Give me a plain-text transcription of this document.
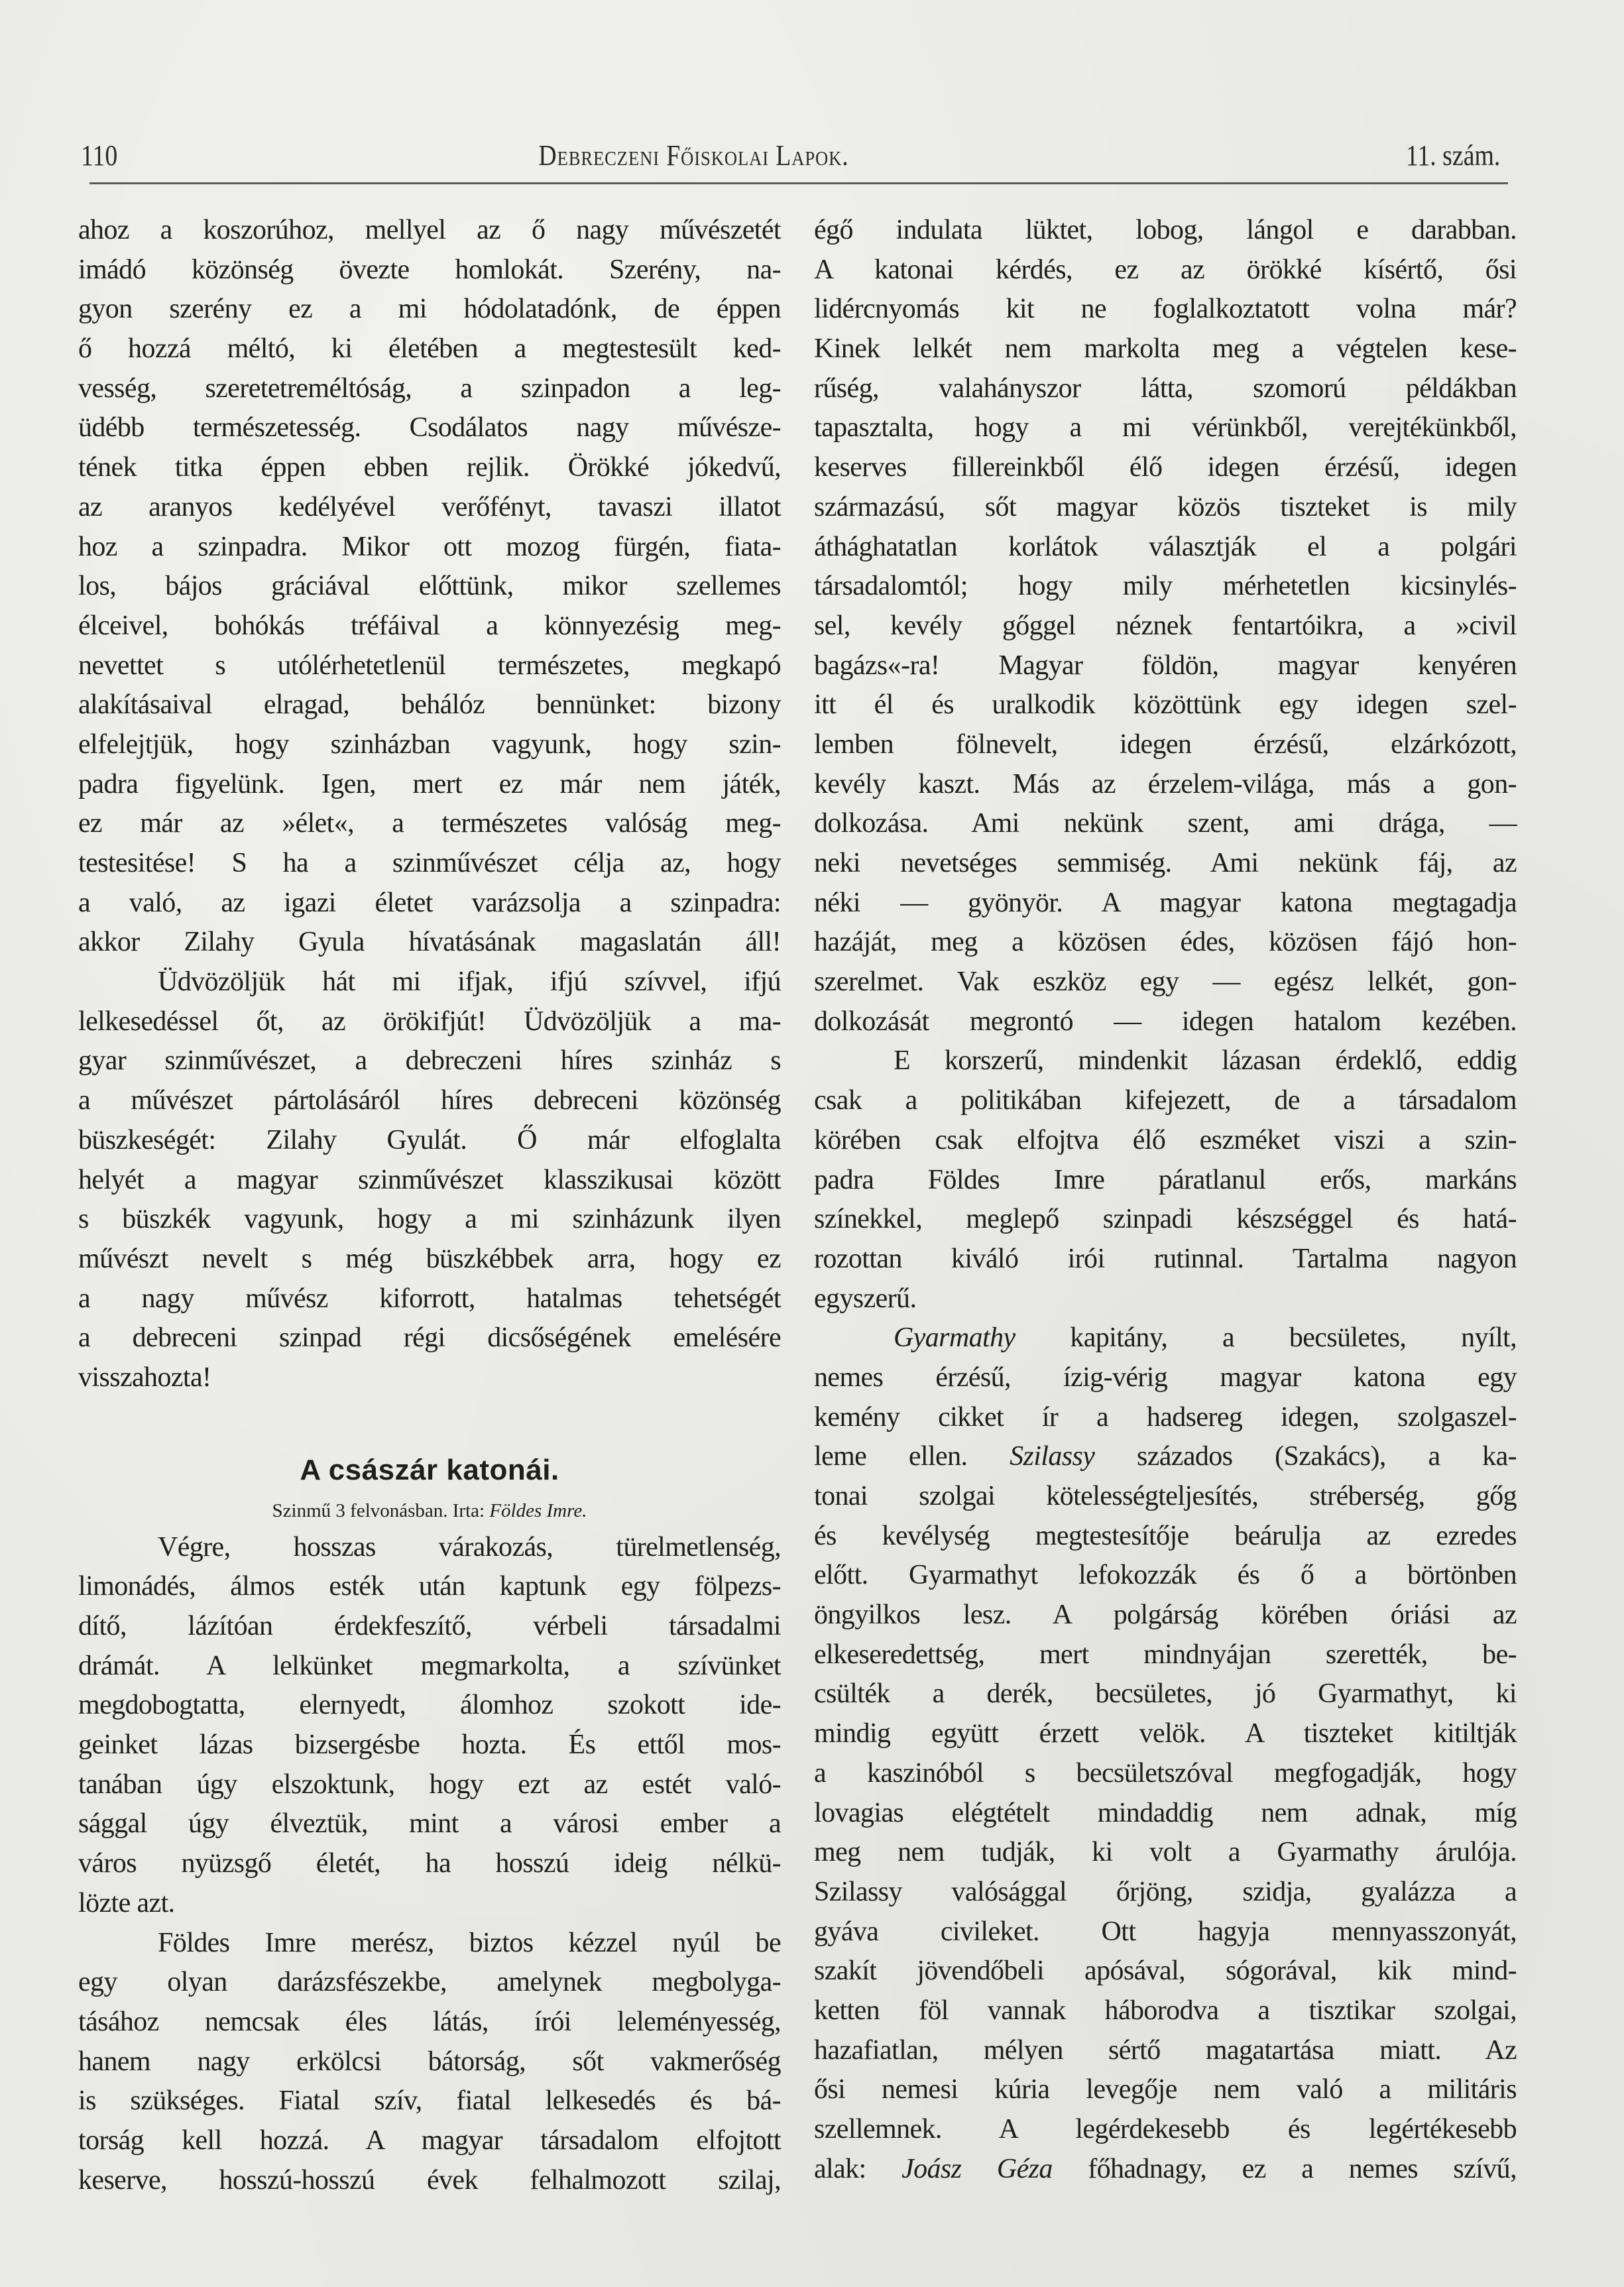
110	Debreczeni Főiskolai Lapok.	11. szám.
ahoz a koszorúhoz, mellyel az ő nagy művészetét
imádó közönség övezte homlokát. Szerény, na-
gyon szerény ez a mi hódolatadónk, de éppen
ő hozzá méltó, ki életében a megtestesült ked-
vesség, szeretetreméltóság, a szinpadon a leg-
üdébb természetesség. Csodálatos nagy művésze-
tének titka éppen ebben rejlik. Örökké jókedvű,
az aranyos kedélyével verőfényt, tavaszi illatot
hoz a szinpadra. Mikor ott mozog fürgén, fiata-
los, bájos gráciával előttünk, mikor szellemes
élceivel, bohókás tréfáival a könnyezésig meg-
nevettet s utólérhetetlenül természetes, megkapó
alakításaival elragad, behálóz bennünket: bizony
elfelejtjük, hogy szinházban vagyunk, hogy szin-
padra figyelünk. Igen, mert ez már nem játék,
ez már az »élet«, a természetes valóság meg-
testesitése! S ha a szinművészet célja az, hogy
a való, az igazi életet varázsolja a szinpadra:
akkor Zilahy Gyula hívatásának magaslatán áll!
Üdvözöljük hát mi ifjak, ifjú szívvel, ifjú
lelkesedéssel őt, az örökifjút! Üdvözöljük a ma-
gyar szinművészet, a debreczeni híres szinház s
a művészet pártolásáról híres debreceni közönség
büszkeségét: Zilahy Gyulát. Ő már elfoglalta
helyét a magyar szinművészet klasszikusai között
s büszkék vagyunk, hogy a mi szinházunk ilyen
művészt nevelt s még büszkébbek arra, hogy ez
a nagy művész kiforrott, hatalmas tehetségét
a debreceni szinpad régi dicsőségének emelésére
visszahozta!
A császár katonái.
Szinmű 3 felvonásban. Irta: Földes Imre.
Végre, hosszas várakozás, türelmetlenség,
limonádés, álmos esték után kaptunk egy fölpezs-
dítő, lázítóan érdekfeszítő, vérbeli társadalmi
drámát. A lelkünket megmarkolta, a szívünket
megdobogtatta, elernyedt, álomhoz szokott ide-
geinket lázas bizsergésbe hozta. És ettől mos-
tanában úgy elszoktunk, hogy ezt az estét való-
sággal úgy élveztük, mint a városi ember a
város nyüzsgő életét, ha hosszú ideig nélkü-
lözte azt.
Földes Imre merész, biztos kézzel nyúl be
egy olyan darázsfészekbe, amelynek megbolyga-
tásához nemcsak éles látás, írói leleményesség,
hanem nagy erkölcsi bátorság, sőt vakmerőség
is szükséges. Fiatal szív, fiatal lelkesedés és bá-
torság kell hozzá. A magyar társadalom elfojtott
keserve, hosszú-hosszú évek felhalmozott szilaj,
égő indulata lüktet, lobog, lángol e darabban.
A katonai kérdés, ez az örökké kísértő, ősi
lidércnyomás kit ne foglalkoztatott volna már?
Kinek lelkét nem markolta meg a végtelen kese-
rűség, valahányszor látta, szomorú példákban
tapasztalta, hogy a mi vérünkből, verejtékünkből,
keserves fillereinkből élő idegen érzésű, idegen
származású, sőt magyar közös tiszteket is mily
áthághatatlan korlátok választják el a polgári
társadalomtól; hogy mily mérhetetlen kicsinylés-
sel, kevély gőggel néznek fentartóikra, a »civil
bagázs«-ra! Magyar földön, magyar kenyéren
itt él és uralkodik közöttünk egy idegen szel-
lemben fölnevelt, idegen érzésű, elzárkózott,
kevély kaszt. Más az érzelem-világa, más a gon-
dolkozása. Ami nekünk szent, ami drága, —
neki nevetséges semmiség. Ami nekünk fáj, az
néki — gyönyör. A magyar katona megtagadja
hazáját, meg a közösen édes, közösen fájó hon-
szerelmet. Vak eszköz egy — egész lelkét, gon-
dolkozását megrontó — idegen hatalom kezében.
E korszerű, mindenkit lázasan érdeklő, eddig
csak a politikában kifejezett, de a társadalom
körében csak elfojtva élő eszméket viszi a szin-
padra Földes Imre páratlanul erős, markáns
színekkel, meglepő szinpadi készséggel és hatá-
rozottan kiváló irói rutinnal. Tartalma nagyon
egyszerű.
Gyarmathy kapitány, a becsületes, nyílt,
nemes érzésű, ízig-vérig magyar katona egy
kemény cikket ír a hadsereg idegen, szolgaszel-
leme ellen. Szilassy százados (Szakács), a ka-
tonai szolgai kötelességteljesítés, stréberség, gőg
és kevélység megtestesítője beárulja az ezredes
előtt. Gyarmathyt lefokozzák és ő a börtönben
öngyilkos lesz. A polgárság körében óriási az
elkeseredettség, mert mindnyájan szerették, be-
csülték a derék, becsületes, jó Gyarmathyt, ki
mindig együtt érzett velök. A tiszteket kitiltják
a kaszinóból s becsületszóval megfogadják, hogy
lovagias elégtételt mindaddig nem adnak, míg
meg nem tudják, ki volt a Gyarmathy árulója.
Szilassy valósággal őrjöng, szidja, gyalázza a
gyáva civileket. Ott hagyja mennyasszonyát,
szakít jövendőbeli apósával, sógorával, kik mind-
ketten föl vannak háborodva a tisztikar szolgai,
hazafiatlan, mélyen sértő magatartása miatt. Az
ősi nemesi kúria levegője nem való a militáris
szellemnek. A legérdekesebb és legértékesebb
alak: Joász Géza főhadnagy, ez a nemes szívű,
